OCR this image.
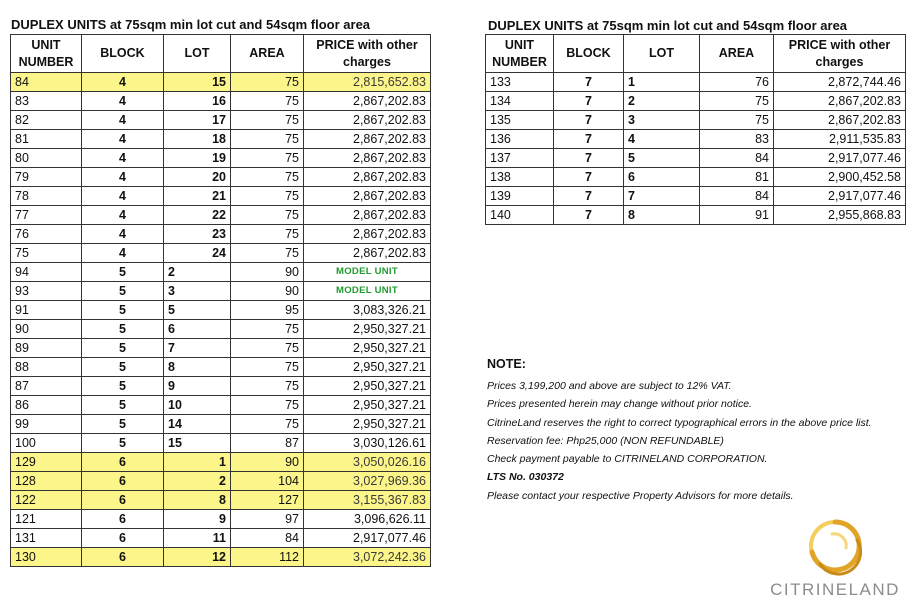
DUPLEX UNITS at 75sqm min lot cut and 54sqm floor area
UNIT NUMBER	BLOCK	LOT	AREA	PRICE with other charges
84	4	15	75	2,815,652.83
83	4	16	75	2,867,202.83
82	4	17	75	2,867,202.83
81	4	18	75	2,867,202.83
80	4	19	75	2,867,202.83
79	4	20	75	2,867,202.83
78	4	21	75	2,867,202.83
77	4	22	75	2,867,202.83
76	4	23	75	2,867,202.83
75	4	24	75	2,867,202.83
94	5	2	90	MODEL UNIT
93	5	3	90	MODEL UNIT
91	5	5	95	3,083,326.21
90	5	6	75	2,950,327.21
89	5	7	75	2,950,327.21
88	5	8	75	2,950,327.21
87	5	9	75	2,950,327.21
86	5	10	75	2,950,327.21
99	5	14	75	2,950,327.21
100	5	15	87	3,030,126.61
129	6	1	90	3,050,026.16
128	6	2	104	3,027,969.36
122	6	8	127	3,155,367.83
121	6	9	97	3,096,626.11
131	6	11	84	2,917,077.46
130	6	12	112	3,072,242.36
DUPLEX UNITS at 75sqm min lot cut and 54sqm floor area
UNIT NUMBER	BLOCK	LOT	AREA	PRICE with other charges
133	7	1	76	2,872,744.46
134	7	2	75	2,867,202.83
135	7	3	75	2,867,202.83
136	7	4	83	2,911,535.83
137	7	5	84	2,917,077.46
138	7	6	81	2,900,452.58
139	7	7	84	2,917,077.46
140	7	8	91	2,955,868.83
NOTE:
Prices 3,199,200 and above are subject to 12% VAT.
Prices presented herein may change without prior notice.
CitrineLand reserves the right to correct typographical errors in the above price list.
Reservation fee: Php25,000 (NON REFUNDABLE)
Check payment payable to CITRINELAND CORPORATION.
LTS No. 030372
Please contact your respective Property Advisors for more details.
CITRINELAND
